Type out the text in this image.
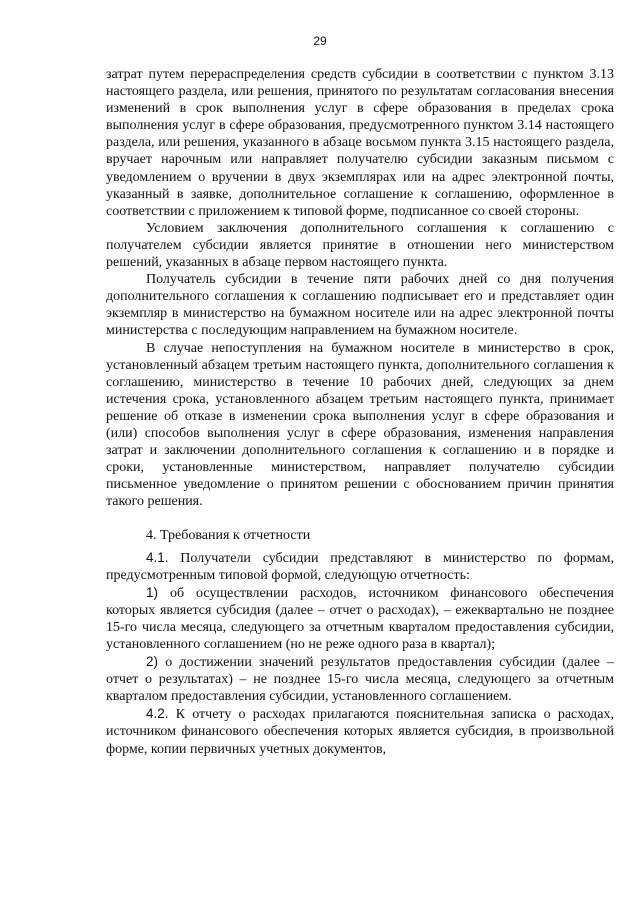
29

затрат путем перераспределения средств субсидии в соответствии с пунктом 3.13 настоящего раздела, или решения, принятого по результатам согласования внесения изменений в срок выполнения услуг в сфере образования в пределах срока выполнения услуг в сфере образования, предусмотренного пунктом 3.14 настоящего раздела, или решения, указанного в абзаце восьмом пункта 3.15 настоящего раздела, вручает нарочным или направляет получателю субсидии заказным письмом с уведомлением о вручении в двух экземплярах или на адрес электронной почты, указанный в заявке, дополнительное соглашение к соглашению, оформленное в соответствии с приложением к типовой форме, подписанное со своей стороны.

Условием заключения дополнительного соглашения к соглашению с получателем субсидии является принятие в отношении него министерством решений, указанных в абзаце первом настоящего пункта.

Получатель субсидии в течение пяти рабочих дней со дня получения дополнительного соглашения к соглашению подписывает его и представляет один экземпляр в министерство на бумажном носителе или на адрес электронной почты министерства с последующим направлением на бумажном носителе.

В случае непоступления на бумажном носителе в министерство в срок, установленный абзацем третьим настоящего пункта, дополнительного соглашения к соглашению, министерство в течение 10 рабочих дней, следующих за днем истечения срока, установленного абзацем третьим настоящего пункта, принимает решение об отказе в изменении срока выполнения услуг в сфере образования и (или) способов выполнения услуг в сфере образования, изменения направления затрат и заключении дополнительного соглашения к соглашению и в порядке и сроки, установленные министерством, направляет получателю субсидии письменное уведомление о принятом решении с обоснованием причин принятия такого решения.

4. Требования к отчетности

4.1. Получатели субсидии представляют в министерство по формам, предусмотренным типовой формой, следующую отчетность:

1) об осуществлении расходов, источником финансового обеспечения которых является субсидия (далее – отчет о расходах), – ежеквартально не позднее 15-го числа месяца, следующего за отчетным кварталом предоставления субсидии, установленного соглашением (но не реже одного раза в квартал);

2) о достижении значений результатов предоставления субсидии (далее – отчет о результатах) – не позднее 15-го числа месяца, следующего за отчетным кварталом предоставления субсидии, установленного соглашением.

4.2. К отчету о расходах прилагаются пояснительная записка о расходах, источником финансового обеспечения которых является субсидия, в произвольной форме, копии первичных учетных документов,
